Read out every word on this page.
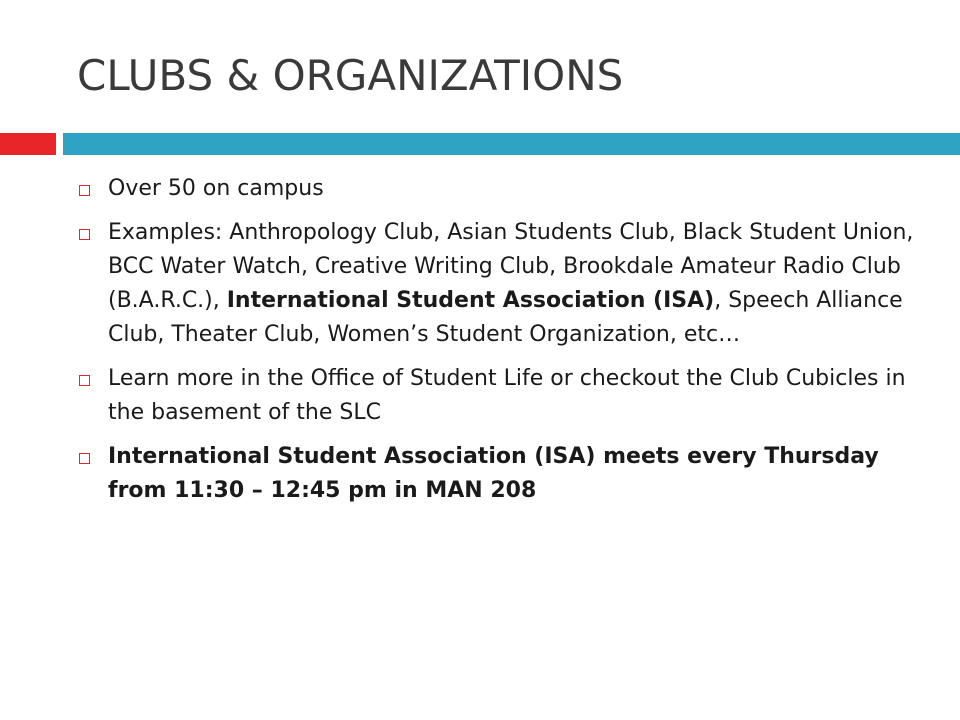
CLUBS & ORGANIZATIONS
Over 50 on campus
Examples: Anthropology Club, Asian Students Club, Black Student Union, BCC Water Watch, Creative Writing Club, Brookdale Amateur Radio Club (B.A.R.C.), International Student Association (ISA), Speech Alliance Club, Theater Club, Women’s Student Organization, etc…
Learn more in the Office of Student Life or checkout the Club Cubicles in the basement of the SLC
International Student Association (ISA) meets every Thursday from 11:30 – 12:45 pm in MAN 208
